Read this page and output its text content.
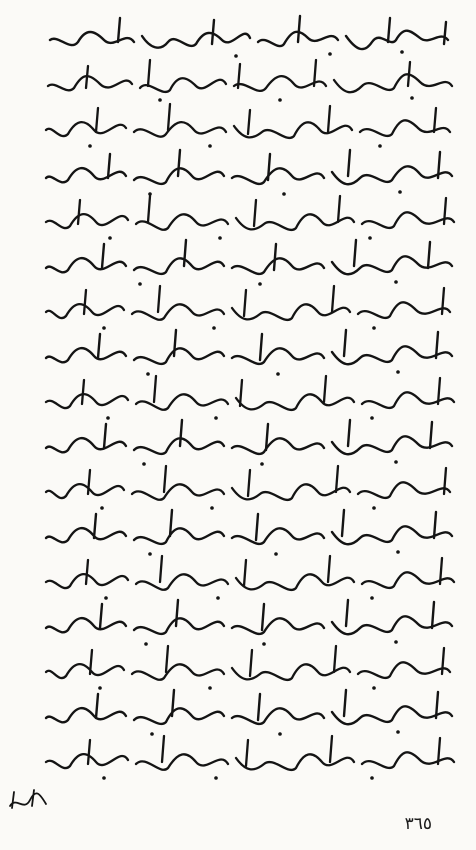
٣٦٥
